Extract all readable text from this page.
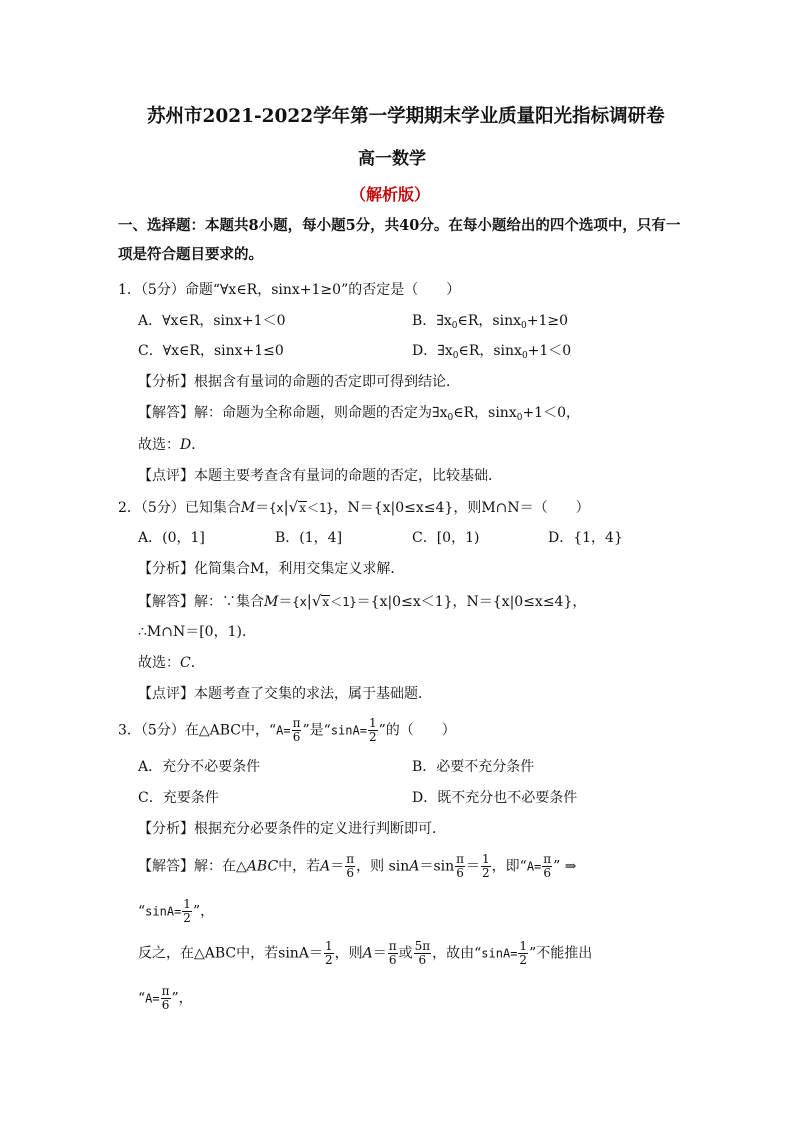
苏州市2021-2022学年第一学期期末学业质量阳光指标调研卷
高一数学
（解析版）
一、选择题：本题共8小题，每小题5分，共40分。在每小题给出的四个选项中，只有一
项是符合题目要求的。
1．（5分）命题“∀x∈R，sinx+1≥0”的否定是（　　）
A．∀x∈R，sinx+1＜0	B．$\exists x_0\in R$，sinx$_0$+1≥0
C．∀x∈R，sinx+1≤0	D．$\exists x_0\in R$，sinx$_0$+1＜0
【分析】根据含有量词的命题的否定即可得到结论．
【解答】解：命题为全称命题，则命题的否定为$\exists x_0\in R$，sinx$_0$+1＜0，
故选：D．
【点评】本题主要考查含有量词的命题的否定，比较基础．
2．（5分）已知集合M＝{x|√x＜1}，N＝{x|0≤x≤4}，则M∩N＝（　　）
A．(0，1]	B．(1，4]	C．[0，1)	D．{1，4}
【分析】化简集合M，利用交集定义求解．
【解答】解：∵集合M＝{x|√x＜1}＝{x|0≤x＜1}，N＝{x|0≤x≤4}，
∴M∩N＝[0，1)．
故选：C．
【点评】本题考查了交集的求法，属于基础题．
3．（5分）在△ABC中，“$A= \frac{\pi}{6}$ ”是“$\sin A= \frac{1}{2}$ ”的（　　）
A．充分不必要条件	B．必要不充分条件
C．充要条件	D．既不充分也不必要条件
【分析】根据充分必要条件的定义进行判断即可．
【解答】解：在△ABC中，若$A= \frac{\pi}{6}$ ，则 $\sin A=\sin \frac{\pi}{6} = \frac{1}{2}$ ，即“$A= \frac{\pi}{6}$ ” ⇒
“$\sin A= \frac{1}{2}$ ”，
反之，在△ABC中，若$\sin A= \frac{1}{2}$ ，则$A= \frac{\pi}{6}$ 或 $\frac{5\pi}{6}$ ，故由“$\sin A= \frac{1}{2}$ ”不能推出
“$A= \frac{\pi}{6}$ ”，
